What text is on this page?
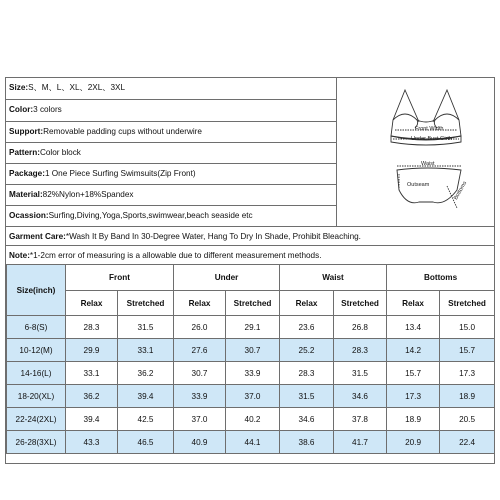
Size: S、M、L、XL、2XL、3XL
Color: 3 colors
Support: Removable padding cups without underwire
Pattern: Color block
Package: 1 One Piece Surfing Swimsuits(Zip Front)
Material: 82%Nylon+18%Spandex
Ocassion: Surfing,Diving,Yoga,Sports,swimwear,beach seaside etc
Front Width
Under Bust Girth
Waist
Outseam	Bottoms
Garment Care: *Wash It By Band In 30-Degree Water, Hang To Dry In Shade, Prohibit Bleaching.
Note: *1-2cm error of measuring is a allowable due to different measurement methods.
Size(inch)	Front		Under		Waist		Bottoms	
	Relax	Stretched	Relax	Stretched	Relax	Stretched	Relax	Stretched
6-8(S)	28.3	31.5	26.0	29.1	23.6	26.8	13.4	15.0
10-12(M)	29.9	33.1	27.6	30.7	25.2	28.3	14.2	15.7
14-16(L)	33.1	36.2	30.7	33.9	28.3	31.5	15.7	17.3
18-20(XL)	36.2	39.4	33.9	37.0	31.5	34.6	17.3	18.9
22-24(2XL)	39.4	42.5	37.0	40.2	34.6	37.8	18.9	20.5
26-28(3XL)	43.3	46.5	40.9	44.1	38.6	41.7	20.9	22.4
